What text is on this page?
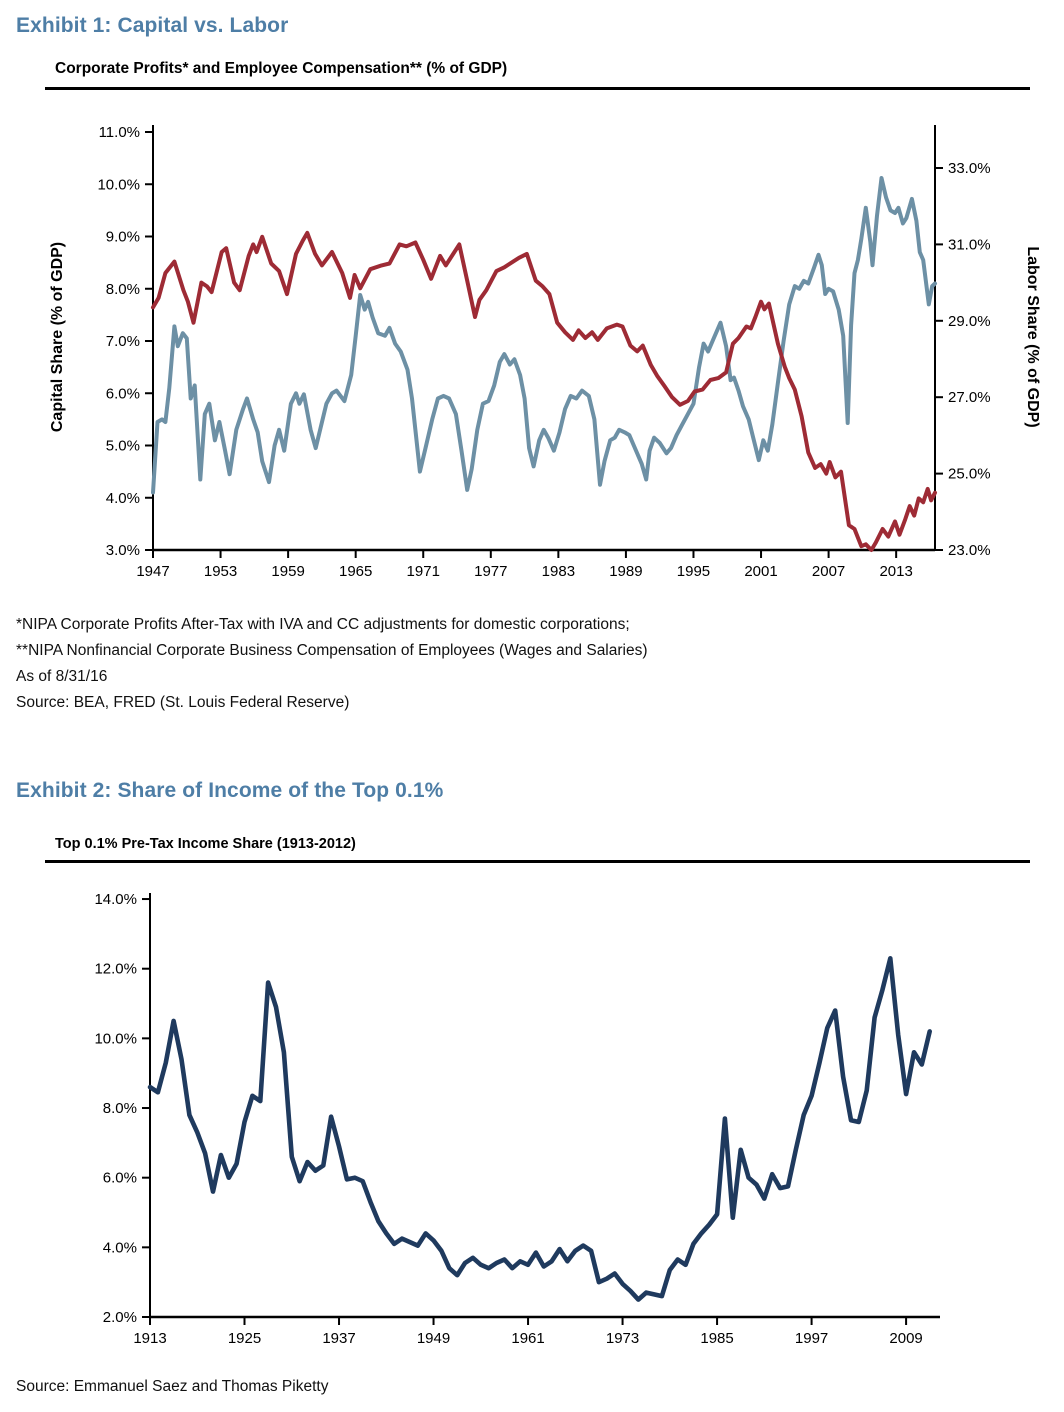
Exhibit 1: Capital vs. Labor
Corporate Profits* and Employee Compensation** (% of GDP)
3.0%
4.0%
5.0%
6.0%
7.0%
8.0%
9.0%
10.0%
11.0%
23.0%
25.0%
27.0%
29.0%
31.0%
33.0%
1947 1953 1959 1965 1971 1977 1983 1989 1995 2001 2007 2013
Capital Share (% of GDP)	Labor Share (% of GDP)
*NIPA Corporate Profits After-Tax with IVA and CC adjustments for domestic corporations;
**NIPA Nonfinancial Corporate Business Compensation of Employees (Wages and Salaries)
As of 8/31/16
Source: BEA, FRED (St. Louis Federal Reserve)
Exhibit 2: Share of Income of the Top 0.1%
Top 0.1% Pre-Tax Income Share (1913-2012)
2.0%
4.0%
6.0%
8.0%
10.0%
12.0%
14.0%
1913	1925	1937	1949	1961	1973	1985	1997	2009
Source: Emmanuel Saez and Thomas Piketty
